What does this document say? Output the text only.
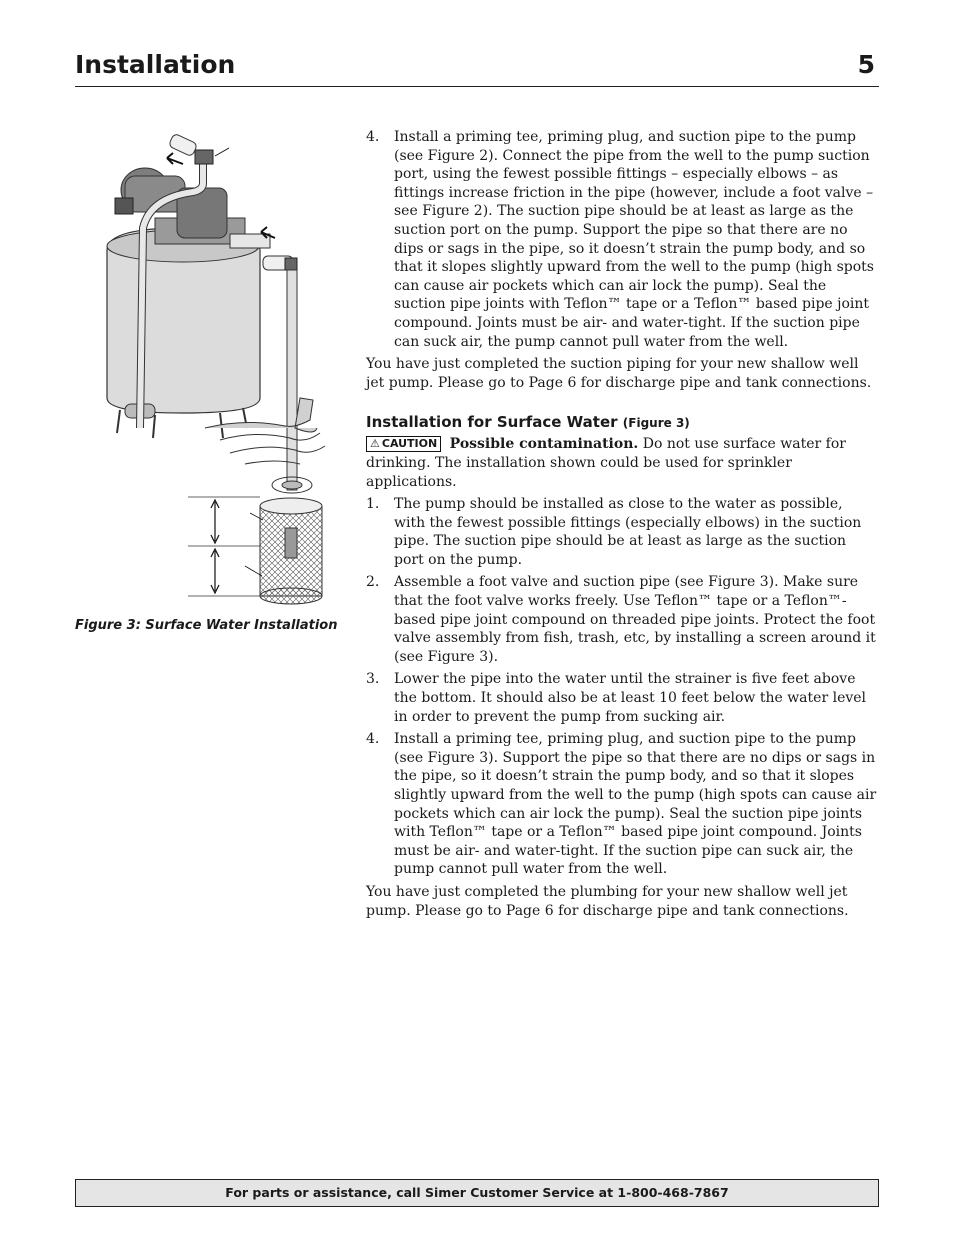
Installation	5
Figure 3: Surface Water Installation

4. Install a priming tee, priming plug, and suction pipe to the pump (see Figure 2). Connect the pipe from the well to the pump suction port, using the fewest possible fittings – especially elbows – as fittings increase friction in the pipe (however, include a foot valve – see Figure 2). The suction pipe should be at least as large as the suction port on the pump. Support the pipe so that there are no dips or sags in the pipe, so it doesn’t strain the pump body, and so that it slopes slightly upward from the well to the pump (high spots can cause air pockets which can air lock the pump). Seal the suction pipe joints with Teflon™ tape or a Teflon™ based pipe joint compound. Joints must be air- and water-tight. If the suction pipe can suck air, the pump cannot pull water from the well.

You have just completed the suction piping for your new shallow well jet pump. Please go to Page 6 for discharge pipe and tank connections.

Installation for Surface Water (Figure 3)

⚠ CAUTION Possible contamination. Do not use surface water for drinking. The installation shown could be used for sprinkler applications.

1. The pump should be installed as close to the water as possible, with the fewest possible fittings (especially elbows) in the suction pipe. The suction pipe should be at least as large as the suction port on the pump.

2. Assemble a foot valve and suction pipe (see Figure 3). Make sure that the foot valve works freely. Use Teflon™ tape or a Teflon™-based pipe joint compound on threaded pipe joints. Protect the foot valve assembly from fish, trash, etc, by installing a screen around it (see Figure 3).

3. Lower the pipe into the water until the strainer is five feet above the bottom. It should also be at least 10 feet below the water level in order to prevent the pump from sucking air.

4. Install a priming tee, priming plug, and suction pipe to the pump (see Figure 3). Support the pipe so that there are no dips or sags in the pipe, so it doesn’t strain the pump body, and so that it slopes slightly upward from the well to the pump (high spots can cause air pockets which can air lock the pump). Seal the suction pipe joints with Teflon™ tape or a Teflon™ based pipe joint compound. Joints must be air- and water-tight. If the suction pipe can suck air, the pump cannot pull water from the well.

You have just completed the plumbing for your new shallow well jet pump. Please go to Page 6 for discharge pipe and tank connections.

For parts or assistance, call Simer Customer Service at 1-800-468-7867
